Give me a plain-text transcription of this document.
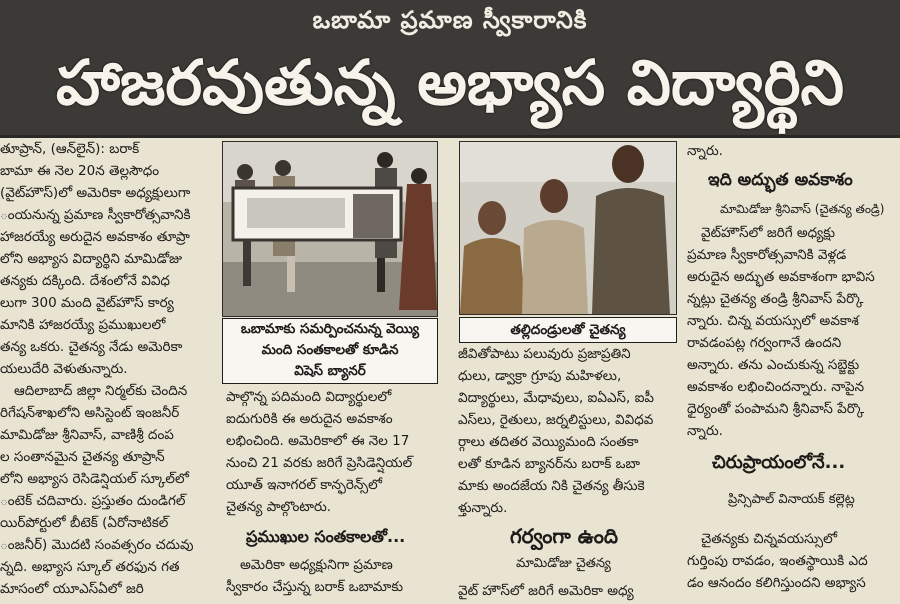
ఒబామా ప్రమాణ స్వీకారానికి
హాజరవుతున్న అభ్యాస విద్యార్థిని

తూప్రాన్, (ఆన్‌లైన్): బరాక్

బామా ఈ నెల 20న తెల్లసౌధం

(వైట్‌హౌస్)లో అమెరికా అధ్యక్షులుగా

ంయనున్న ప్రమాణ స్వీకారోత్సవానికి

హాజరయ్యే అరుదైన అవకాశం తూప్రా

లోని అభ్యాస విద్యార్థిని మామిడోజు

తన్యకు దక్కింది. దేశంలోనే వివిధ

లుగా 300 మంది వైట్‌హౌస్ కార్య

మానికి హాజరయ్యే ప్రముఖులలో

తన్య ఒకరు. చైతన్య నేడు అమెరికా

యలుదేరి వెళుతున్నారు.

ఆదిలాబాద్ జిల్లా నిర్మల్‌కు చెందిన

రిగేషన్‌శాఖలోని అసిస్టెంట్ ఇంజనీర్

మామిడోజు శ్రీనివాస్, వాణిశ్రీ దంప

ల సంతానమైన చైతన్య తూప్రాన్

లోని అభ్యాస రెసిడెన్షియల్ స్కూల్‌లో

ంటెక్ చదివారు. ప్రస్తుతం దుండిగల్

యిర్‌పోర్టులో బీటెక్ (ఏరోనాటికల్

ంజనీర్) మొదటి సంవత్సరం చదువు

న్నది. అభ్యాస స్కూల్ తరఫున గత

మాసంలో యూఎస్‌ఏలో జరి

ఒబామాకు సమర్పించనున్న వెయ్యి
మంది సంతకాలతో కూడిన
విషెస్ బ్యానర్

పాల్గొన్న పదిమంది విద్యార్థులలో

ఐదుగురికి ఈ అరుదైన అవకాశం

లభించింది. అమెరికాలో ఈ నెల 17

నుంచి 21 వరకు జరిగే ప్రెసిడెన్షియల్

యూత్ ఇనాగరల్ కాన్ఫరెన్స్‌లో

చైతన్య పాల్గొంటారు.

ప్రముఖుల సంతకాలతో...

అమెరికా అధ్యక్షునిగా ప్రమాణ

స్వీకారం చేస్తున్న బరాక్ ఒబామాకు

తల్లిదండ్రులతో చైతన్య

జీవితోపాటు పలువురు ప్రజాప్రతిని

ధులు, డ్వాక్రా గ్రూపు మహిళలు,

విద్యార్థులు, మేధావులు, ఐఏఎస్, ఐపీ

ఎస్‌లు, రైతులు, జర్నలిస్టులు, వివిధవ

ర్గాలు తదితర వెయ్యిమంది సంతకా

లతో కూడిన బ్యానర్‌ను బరాక్ ఒబా

మాకు అందజేయ నికి చైతన్య తీసుకె

ళ్తున్నారు.

గర్వంగా ఉంది
మామిడోజు చైతన్య

వైట్ హౌస్‌లో జరిగే అమెరికా అధ్య

న్నారు.

ఇది అద్భుత అవకాశం
మామిడోజు శ్రీనివాస్ (చైతన్య తండ్రి)

వైట్‌హౌస్‌లో జరిగే అధ్యక్షు

ప్రమాణ స్వీకారోత్సవానికి వెళ్లడ

అరుదైన అద్భుత అవకాశంగా భావిస

న్నట్లు చైతన్య తండ్రి శ్రీనివాస్ పేర్కొ

న్నారు. చిన్న వయస్సులో అవకాశ

రావడంపట్ల గర్వంగానే ఉందని

అన్నారు. తను ఎంచుకున్న సబ్జెక్టు

అవకాశం లభించిందన్నారు. నాపైన

ధైర్యంతో పంపామని శ్రీనివాస్ పేర్కొ

న్నారు.

చిరుప్రాయంలోనే...
ప్రిన్సిపాల్ వినాయక్ కల్లెట్ల

చైతన్యకు చిన్నవయస్సులో

గుర్తింపు రావడం, ఇంతస్థాయికి ఎద

డం ఆనందం కలిగిస్తుందని అభ్యాస
